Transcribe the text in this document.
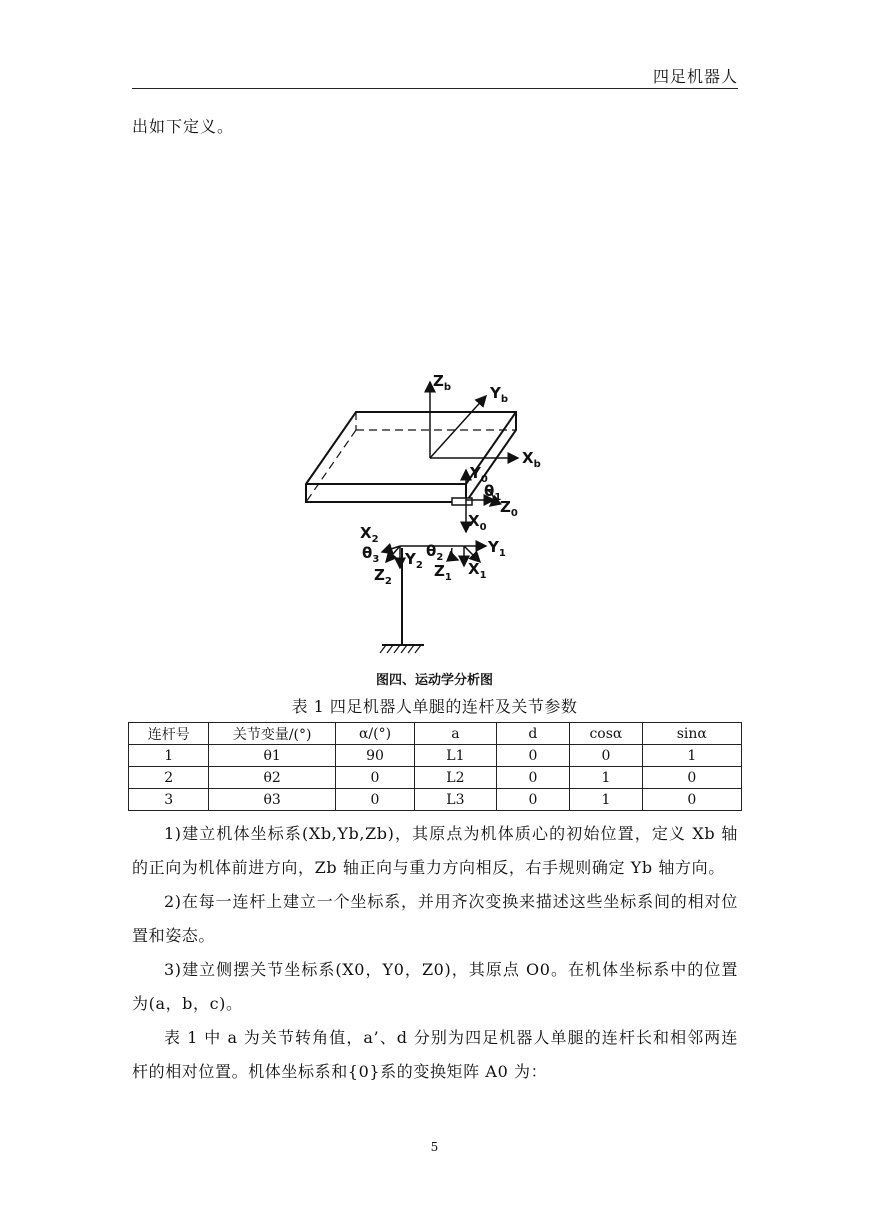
四足机器人
出如下定义。
$Z_b$	$Y_b$
$X_b$
$Y_0$
$\theta_1$
$Z_0$
$X_0$
$X_2$
$\theta_3$ $Y_2$
$\theta_2$
$Y_1$
$Z_2$
$Z_1$ $X_1$
图四、运动学分析图
表 1 四足机器人单腿的连杆及关节参数
连杆号	关节变量/(°)	α/(°)	a	d	cosα	sinα
1	θ1	90	L1	0	0	1
2	θ2	0	L2	0	1	0
3	θ3	0	L3	0	1	0

1)建立机体坐标系(Xb,Yb,Zb)，其原点为机体质心的初始位置，定义 Xb 轴的正向为机体前进方向，Zb 轴正向与重力方向相反，右手规则确定 Yb 轴方向。

2)在每一连杆上建立一个坐标系，并用齐次变换来描述这些坐标系间的相对位置和姿态。

3)建立侧摆关节坐标系(X0，Y0，Z0)，其原点 O0。在机体坐标系中的位置为(a，b，c)。

表 1 中 a 为关节转角值，a’、d 分别为四足机器人单腿的连杆长和相邻两连杆的相对位置。机体坐标系和{0}系的变换矩阵 A0 为：

5
